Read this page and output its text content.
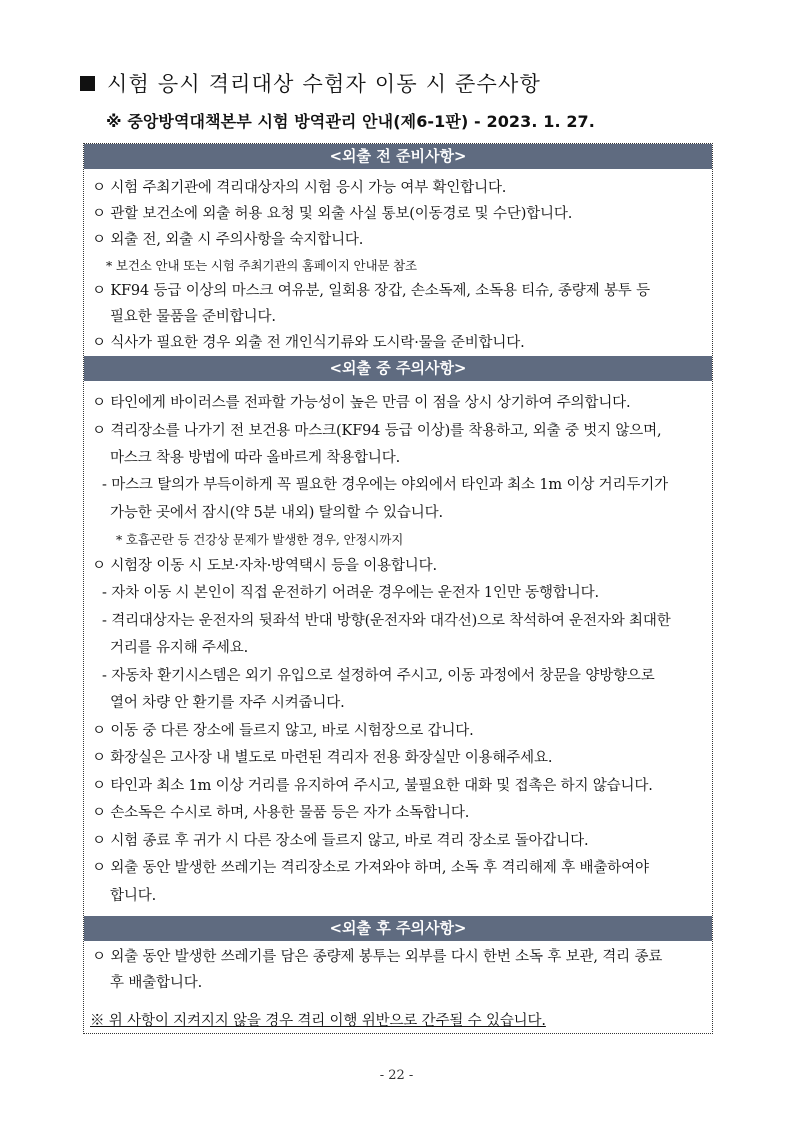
시험 응시 격리대상 수험자 이동 시 준수사항
※ 중앙방역대책본부 시험 방역관리 안내(제6-1판) - 2023. 1. 27.
<외출 전 준비사항>
ㅇ 시험 주최기관에 격리대상자의 시험 응시 가능 여부 확인합니다.
ㅇ 관할 보건소에 외출 허용 요청 및 외출 사실 통보(이동경로 및 수단)합니다.
ㅇ 외출 전, 외출 시 주의사항을 숙지합니다.
* 보건소 안내 또는 시험 주최기관의 홈페이지 안내문 참조
ㅇ KF94 등급 이상의 마스크 여유분, 일회용 장갑, 손소독제, 소독용 티슈, 종량제 봉투 등
필요한 물품을 준비합니다.
ㅇ 식사가 필요한 경우 외출 전 개인식기류와 도시락·물을 준비합니다.
<외출 중 주의사항>
ㅇ 타인에게 바이러스를 전파할 가능성이 높은 만큼 이 점을 상시 상기하여 주의합니다.
ㅇ 격리장소를 나가기 전 보건용 마스크(KF94 등급 이상)를 착용하고, 외출 중 벗지 않으며,
마스크 착용 방법에 따라 올바르게 착용합니다.
- 마스크 탈의가 부득이하게 꼭 필요한 경우에는 야외에서 타인과 최소 1m 이상 거리두기가
가능한 곳에서 잠시(약 5분 내외) 탈의할 수 있습니다.
* 호흡곤란 등 건강상 문제가 발생한 경우, 안정시까지
ㅇ 시험장 이동 시 도보·자차·방역택시 등을 이용합니다.
- 자차 이동 시 본인이 직접 운전하기 어려운 경우에는 운전자 1인만 동행합니다.
- 격리대상자는 운전자의 뒷좌석 반대 방향(운전자와 대각선)으로 착석하여 운전자와 최대한
거리를 유지해 주세요.
- 자동차 환기시스템은 외기 유입으로 설정하여 주시고, 이동 과정에서 창문을 양방향으로
열어 차량 안 환기를 자주 시켜줍니다.
ㅇ 이동 중 다른 장소에 들르지 않고, 바로 시험장으로 갑니다.
ㅇ 화장실은 고사장 내 별도로 마련된 격리자 전용 화장실만 이용해주세요.
ㅇ 타인과 최소 1m 이상 거리를 유지하여 주시고, 불필요한 대화 및 접촉은 하지 않습니다.
ㅇ 손소독은 수시로 하며, 사용한 물품 등은 자가 소독합니다.
ㅇ 시험 종료 후 귀가 시 다른 장소에 들르지 않고, 바로 격리 장소로 돌아갑니다.
ㅇ 외출 동안 발생한 쓰레기는 격리장소로 가져와야 하며, 소독 후 격리해제 후 배출하여야
합니다.
<외출 후 주의사항>
ㅇ 외출 동안 발생한 쓰레기를 담은 종량제 봉투는 외부를 다시 한번 소독 후 보관, 격리 종료
후 배출합니다.
※ 위 사항이 지켜지지 않을 경우 격리 이행 위반으로 간주될 수 있습니다.
- 22 -
